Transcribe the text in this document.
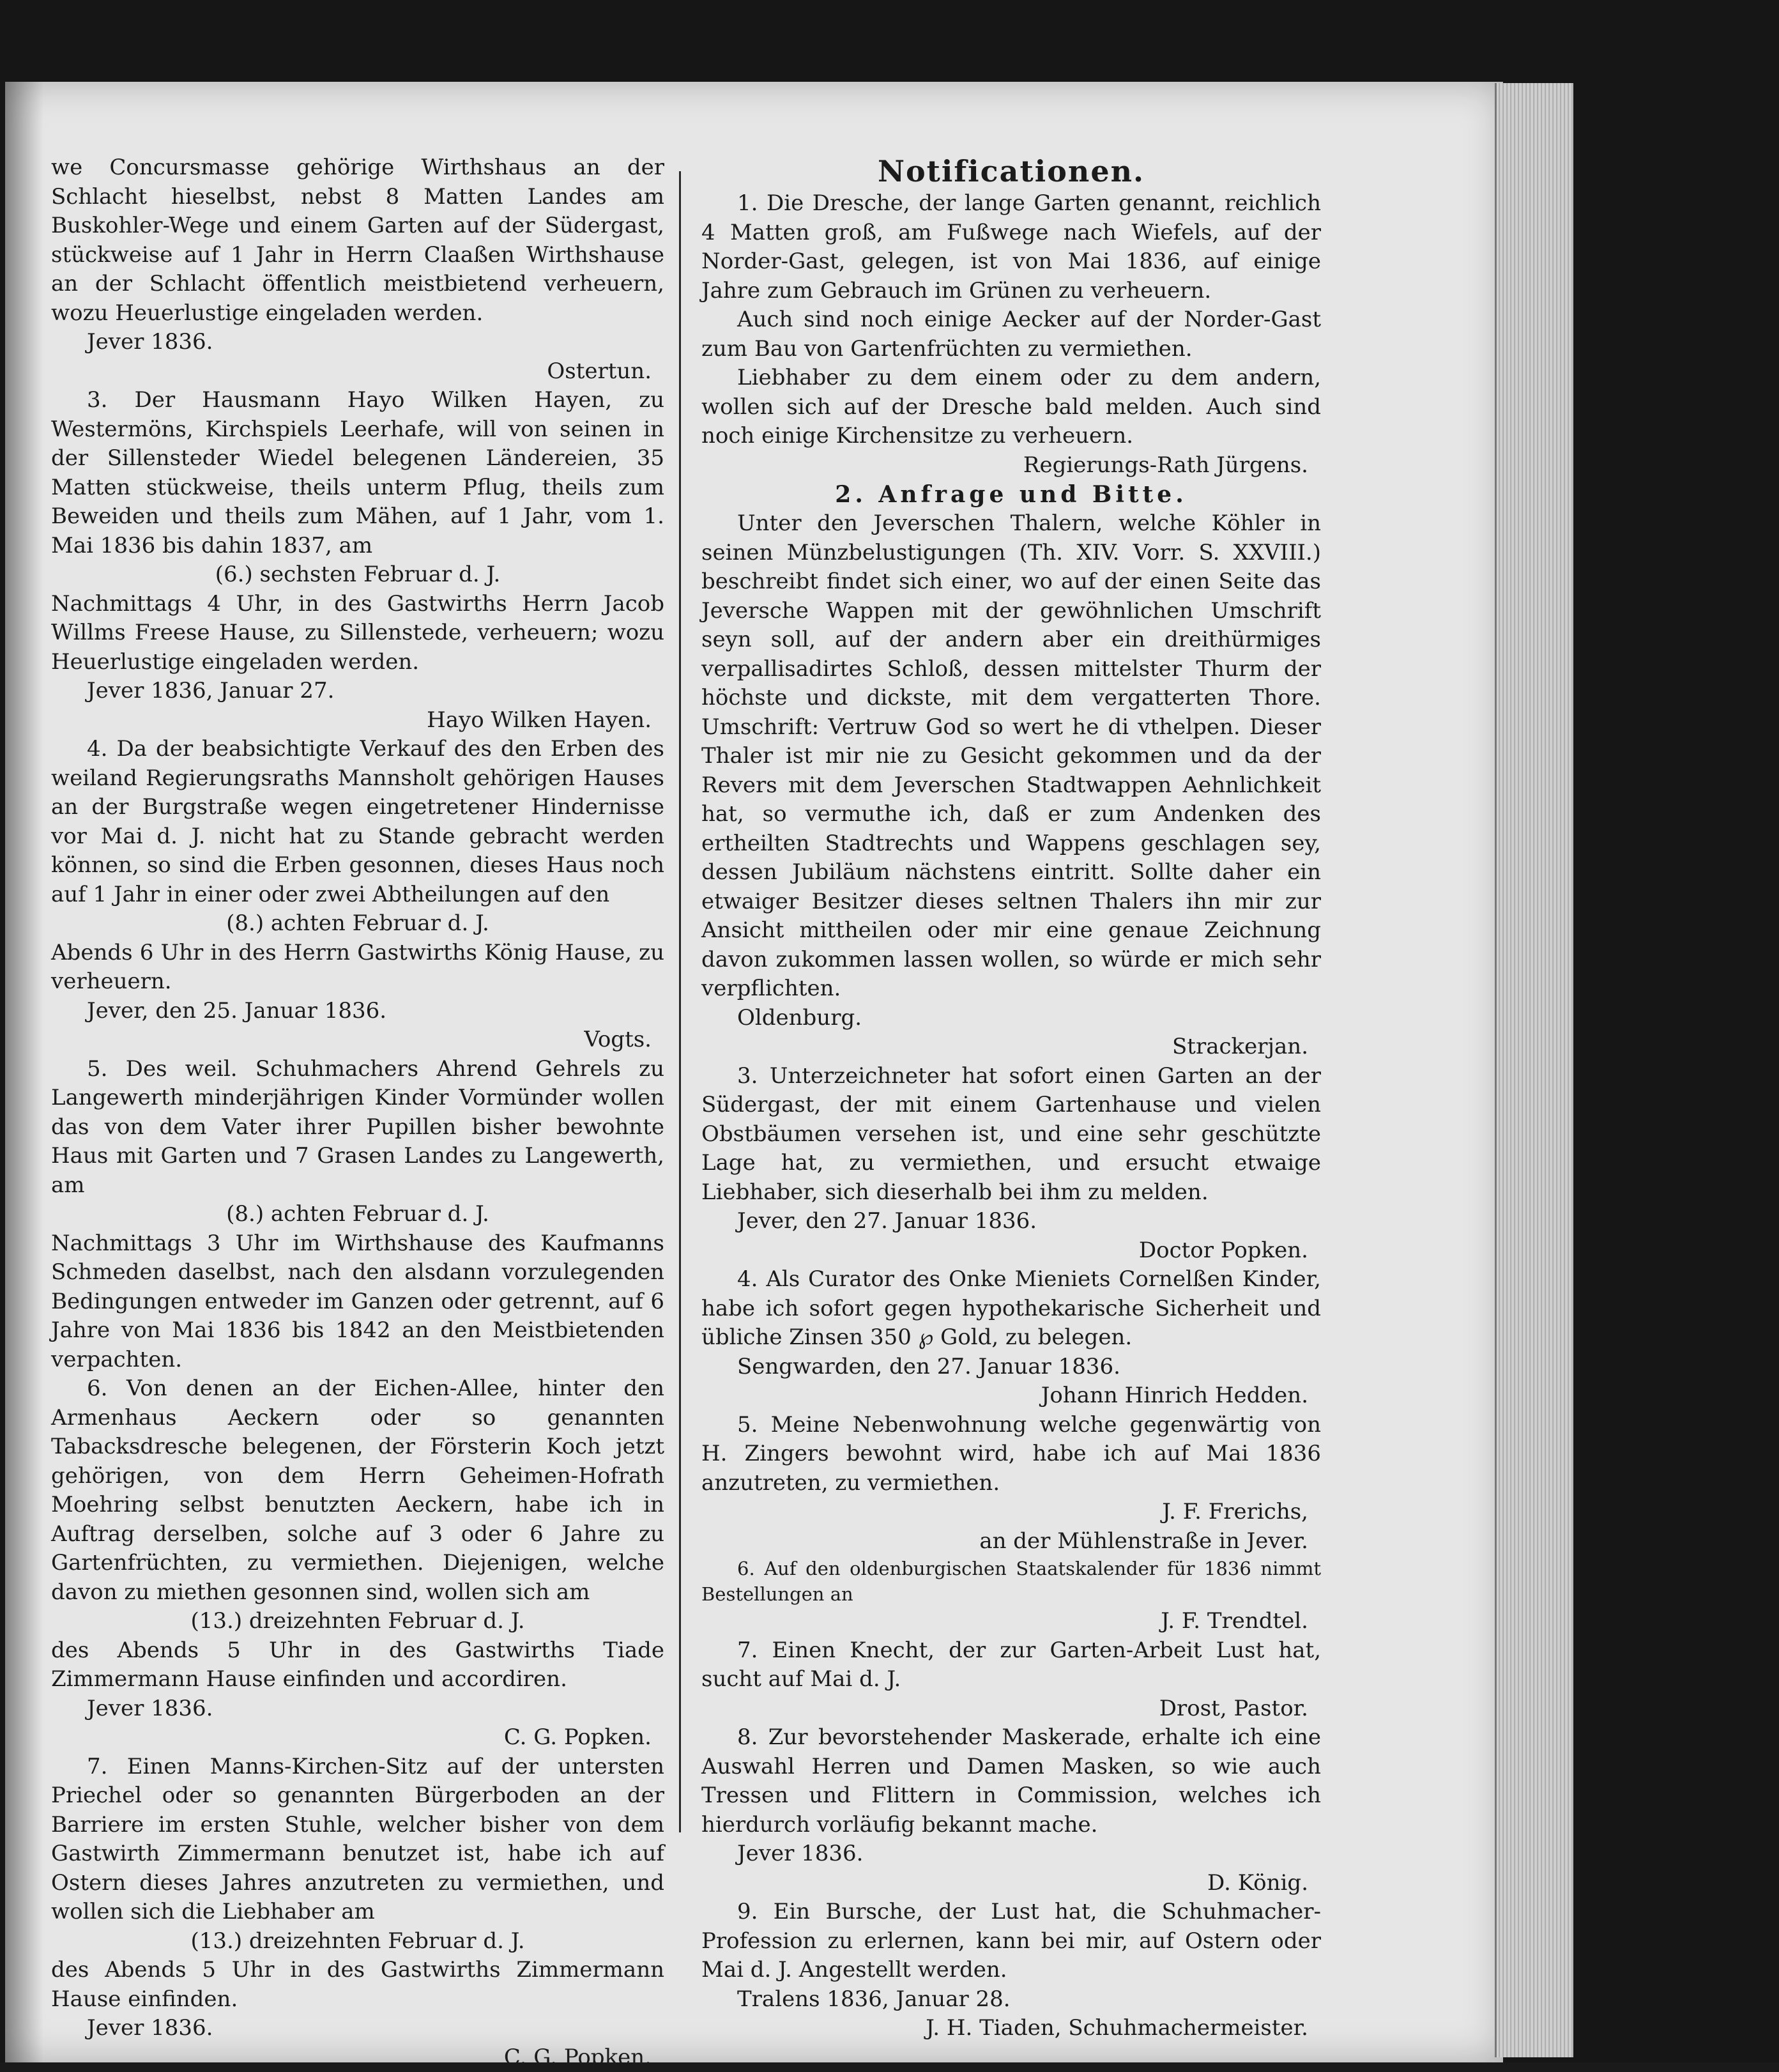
we Concursmasse gehörige Wirthshaus an der Schlacht hieselbst, nebst 8 Matten Landes am Buskohler-Wege und einem Garten auf der Südergast, stückweise auf 1 Jahr in Herrn Claaßen Wirthshause an der Schlacht öffentlich meistbietend verheuern, wozu Heuerlustige eingeladen werden.

Jever 1836.

Ostertun.

3. Der Hausmann Hayo Wilken Hayen, zu Westermöns, Kirchspiels Leerhafe, will von seinen in der Sillensteder Wiedel belegenen Ländereien, 35 Matten stückweise, theils unterm Pflug, theils zum Beweiden und theils zum Mähen, auf 1 Jahr, vom 1. Mai 1836 bis dahin 1837, am

(6.) sechsten Februar d. J.

Nachmittags 4 Uhr, in des Gastwirths Herrn Jacob Willms Freese Hause, zu Sillenstede, verheuern; wozu Heuerlustige eingeladen werden.

Jever 1836, Januar 27.

Hayo Wilken Hayen.

4. Da der beabsichtigte Verkauf des den Erben des weiland Regierungsraths Mannsholt gehörigen Hauses an der Burgstraße wegen eingetretener Hindernisse vor Mai d. J. nicht hat zu Stande gebracht werden können, so sind die Erben gesonnen, dieses Haus noch auf 1 Jahr in einer oder zwei Abtheilungen auf den

(8.) achten Februar d. J.

Abends 6 Uhr in des Herrn Gastwirths König Hause, zu verheuern.

Jever, den 25. Januar 1836.

Vogts.

5. Des weil. Schuhmachers Ahrend Gehrels zu Langewerth minderjährigen Kinder Vormünder wollen das von dem Vater ihrer Pupillen bisher bewohnte Haus mit Garten und 7 Grasen Landes zu Langewerth, am

(8.) achten Februar d. J.

Nachmittags 3 Uhr im Wirthshause des Kaufmanns Schmeden daselbst, nach den alsdann vorzulegenden Bedingungen entweder im Ganzen oder getrennt, auf 6 Jahre von Mai 1836 bis 1842 an den Meistbietenden verpachten.

6. Von denen an der Eichen-Allee, hinter den Armenhaus Aeckern oder so genannten Tabacksdresche belegenen, der Försterin Koch jetzt gehörigen, von dem Herrn Geheimen-Hofrath Moehring selbst benutzten Aeckern, habe ich in Auftrag derselben, solche auf 3 oder 6 Jahre zu Gartenfrüchten, zu vermiethen. Diejenigen, welche davon zu miethen gesonnen sind, wollen sich am

(13.) dreizehnten Februar d. J.

des Abends 5 Uhr in des Gastwirths Tiade Zimmermann Hause einfinden und accordiren.

Jever 1836.

C. G. Popken.

7. Einen Manns-Kirchen-Sitz auf der untersten Priechel oder so genannten Bürgerboden an der Barriere im ersten Stuhle, welcher bisher von dem Gastwirth Zimmermann benutzet ist, habe ich auf Ostern dieses Jahres anzutreten zu vermiethen, und wollen sich die Liebhaber am

(13.) dreizehnten Februar d. J.

des Abends 5 Uhr in des Gastwirths Zimmermann Hause einfinden.

Jever 1836.

C. G. Popken.

Notificationen.

1. Die Dresche, der lange Garten genannt, reichlich 4 Matten groß, am Fußwege nach Wiefels, auf der Norder-Gast, gelegen, ist von Mai 1836, auf einige Jahre zum Gebrauch im Grünen zu verheuern.

Auch sind noch einige Aecker auf der Norder-Gast zum Bau von Gartenfrüchten zu vermiethen.

Liebhaber zu dem einem oder zu dem andern, wollen sich auf der Dresche bald melden. Auch sind noch einige Kirchensitze zu verheuern.

Regierungs-Rath Jürgens.

2. Anfrage und Bitte.

Unter den Jeverschen Thalern, welche Köhler in seinen Münzbelustigungen (Th. XIV. Vorr. S. XXVIII.) beschreibt findet sich einer, wo auf der einen Seite das Jeversche Wappen mit der gewöhnlichen Umschrift seyn soll, auf der andern aber ein dreithürmiges verpallisadirtes Schloß, dessen mittelster Thurm der höchste und dickste, mit dem vergatterten Thore. Umschrift: Vertruw God so wert he di vthelpen. Dieser Thaler ist mir nie zu Gesicht gekommen und da der Revers mit dem Jeverschen Stadtwappen Aehnlichkeit hat, so vermuthe ich, daß er zum Andenken des ertheilten Stadtrechts und Wappens geschlagen sey, dessen Jubiläum nächstens eintritt. Sollte daher ein etwaiger Besitzer dieses seltnen Thalers ihn mir zur Ansicht mittheilen oder mir eine genaue Zeichnung davon zukommen lassen wollen, so würde er mich sehr verpflichten.

Oldenburg.

Strackerjan.

3. Unterzeichneter hat sofort einen Garten an der Südergast, der mit einem Gartenhause und vielen Obstbäumen versehen ist, und eine sehr geschützte Lage hat, zu vermiethen, und ersucht etwaige Liebhaber, sich dieserhalb bei ihm zu melden.

Jever, den 27. Januar 1836.

Doctor Popken.

4. Als Curator des Onke Mieniets Cornelßen Kinder, habe ich sofort gegen hypothekarische Sicherheit und übliche Zinsen 350 ℘ Gold, zu belegen.

Sengwarden, den 27. Januar 1836.

Johann Hinrich Hedden.

5. Meine Nebenwohnung welche gegenwärtig von H. Zingers bewohnt wird, habe ich auf Mai 1836 anzutreten, zu vermiethen.

J. F. Frerichs,

an der Mühlenstraße in Jever.

6. Auf den oldenburgischen Staatskalender für 1836 nimmt Bestellungen an

J. F. Trendtel.

7. Einen Knecht, der zur Garten-Arbeit Lust hat, sucht auf Mai d. J.

Drost, Pastor.

8. Zur bevorstehender Maskerade, erhalte ich eine Auswahl Herren und Damen Masken, so wie auch Tressen und Flittern in Commission, welches ich hierdurch vorläufig bekannt mache.

Jever 1836.

D. König.

9. Ein Bursche, der Lust hat, die Schuhmacher-Profession zu erlernen, kann bei mir, auf Ostern oder Mai d. J. Angestellt werden.

Tralens 1836, Januar 28.

J. H. Tiaden, Schuhmachermeister.
